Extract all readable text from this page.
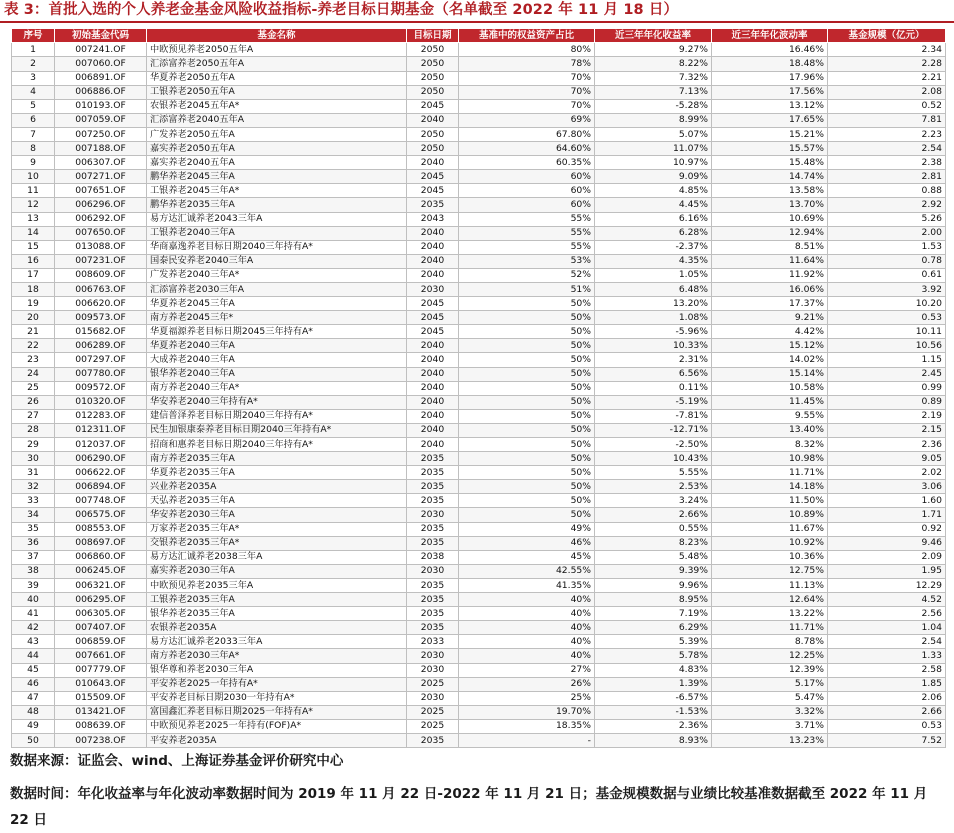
表 3：首批入选的个人养老金基金风险收益指标-养老目标日期基金（名单截至 2022 年 11 月 18 日）
序号	初始基金代码	基金名称	目标日期	基准中的权益资产占比	近三年年化收益率	近三年年化波动率	基金规模（亿元）
1	007241.OF	中欧预见养老2050五年A	2050	80%	9.27%	16.46%	2.34
2	007060.OF	汇添富养老2050五年A	2050	78%	8.22%	18.48%	2.28
3	006891.OF	华夏养老2050五年A	2050	70%	7.32%	17.96%	2.21
4	006886.OF	工银养老2050五年A	2050	70%	7.13%	17.56%	2.08
5	010193.OF	农银养老2045五年A*	2045	70%	-5.28%	13.12%	0.52
6	007059.OF	汇添富养老2040五年A	2040	69%	8.99%	17.65%	7.81
7	007250.OF	广发养老2050五年A	2050	67.80%	5.07%	15.21%	2.23
8	007188.OF	嘉实养老2050五年A	2050	64.60%	11.07%	15.57%	2.54
9	006307.OF	嘉实养老2040五年A	2040	60.35%	10.97%	15.48%	2.38
10	007271.OF	鹏华养老2045三年A	2045	60%	9.09%	14.74%	2.81
11	007651.OF	工银养老2045三年A*	2045	60%	4.85%	13.58%	0.88
12	006296.OF	鹏华养老2035三年A	2035	60%	4.45%	13.70%	2.92
13	006292.OF	易方达汇诚养老2043三年A	2043	55%	6.16%	10.69%	5.26
14	007650.OF	工银养老2040三年A	2040	55%	6.28%	12.94%	2.00
15	013088.OF	华商嘉逸养老目标日期2040三年持有A*	2040	55%	-2.37%	8.51%	1.53
16	007231.OF	国泰民安养老2040三年A	2040	53%	4.35%	11.64%	0.78
17	008609.OF	广发养老2040三年A*	2040	52%	1.05%	11.92%	0.61
18	006763.OF	汇添富养老2030三年A	2030	51%	6.48%	16.06%	3.92
19	006620.OF	华夏养老2045三年A	2045	50%	13.20%	17.37%	10.20
20	009573.OF	南方养老2045三年*	2045	50%	1.08%	9.21%	0.53
21	015682.OF	华夏福源养老目标日期2045三年持有A*	2045	50%	-5.96%	4.42%	10.11
22	006289.OF	华夏养老2040三年A	2040	50%	10.33%	15.12%	10.56
23	007297.OF	大成养老2040三年A	2040	50%	2.31%	14.02%	1.15
24	007780.OF	银华养老2040三年A	2040	50%	6.56%	15.14%	2.45
25	009572.OF	南方养老2040三年A*	2040	50%	0.11%	10.58%	0.99
26	010320.OF	华安养老2040三年持有A*	2040	50%	-5.19%	11.45%	0.89
27	012283.OF	建信普泽养老目标日期2040三年持有A*	2040	50%	-7.81%	9.55%	2.19
28	012311.OF	民生加银康泰养老目标日期2040三年持有A*	2040	50%	-12.71%	13.40%	2.15
29	012037.OF	招商和惠养老目标日期2040三年持有A*	2040	50%	-2.50%	8.32%	2.36
30	006290.OF	南方养老2035三年A	2035	50%	10.43%	10.98%	9.05
31	006622.OF	华夏养老2035三年A	2035	50%	5.55%	11.71%	2.02
32	006894.OF	兴业养老2035A	2035	50%	2.53%	14.18%	3.06
33	007748.OF	天弘养老2035三年A	2035	50%	3.24%	11.50%	1.60
34	006575.OF	华安养老2030三年A	2030	50%	2.66%	10.89%	1.71
35	008553.OF	万家养老2035三年A*	2035	49%	0.55%	11.67%	0.92
36	008697.OF	交银养老2035三年A*	2035	46%	8.23%	10.92%	9.46
37	006860.OF	易方达汇诚养老2038三年A	2038	45%	5.48%	10.36%	2.09
38	006245.OF	嘉实养老2030三年A	2030	42.55%	9.39%	12.75%	1.95
39	006321.OF	中欧预见养老2035三年A	2035	41.35%	9.96%	11.13%	12.29
40	006295.OF	工银养老2035三年A	2035	40%	8.95%	12.64%	4.52
41	006305.OF	银华养老2035三年A	2035	40%	7.19%	13.22%	2.56
42	007407.OF	农银养老2035A	2035	40%	6.29%	11.71%	1.04
43	006859.OF	易方达汇诚养老2033三年A	2033	40%	5.39%	8.78%	2.54
44	007661.OF	南方养老2030三年A*	2030	40%	5.78%	12.25%	1.33
45	007779.OF	银华尊和养老2030三年A	2030	27%	4.83%	12.39%	2.58
46	010643.OF	平安养老2025一年持有A*	2025	26%	1.39%	5.17%	1.85
47	015509.OF	平安养老目标日期2030一年持有A*	2030	25%	-6.57%	5.47%	2.06
48	013421.OF	富国鑫汇养老目标日期2025一年持有A*	2025	19.70%	-1.53%	3.32%	2.66
49	008639.OF	中欧预见养老2025一年持有(FOF)A*	2025	18.35%	2.36%	3.71%	0.53
50	007238.OF	平安养老2035A	2035	-	8.93%	13.23%	7.52
数据来源：证监会、wind、上海证券基金评价研究中心
数据时间：年化收益率与年化波动率数据时间为 2019 年 11 月 22 日-2022 年 11 月 21 日；基金规模数据与业绩比较基准数据截至 2022 年 11 月 22 日
